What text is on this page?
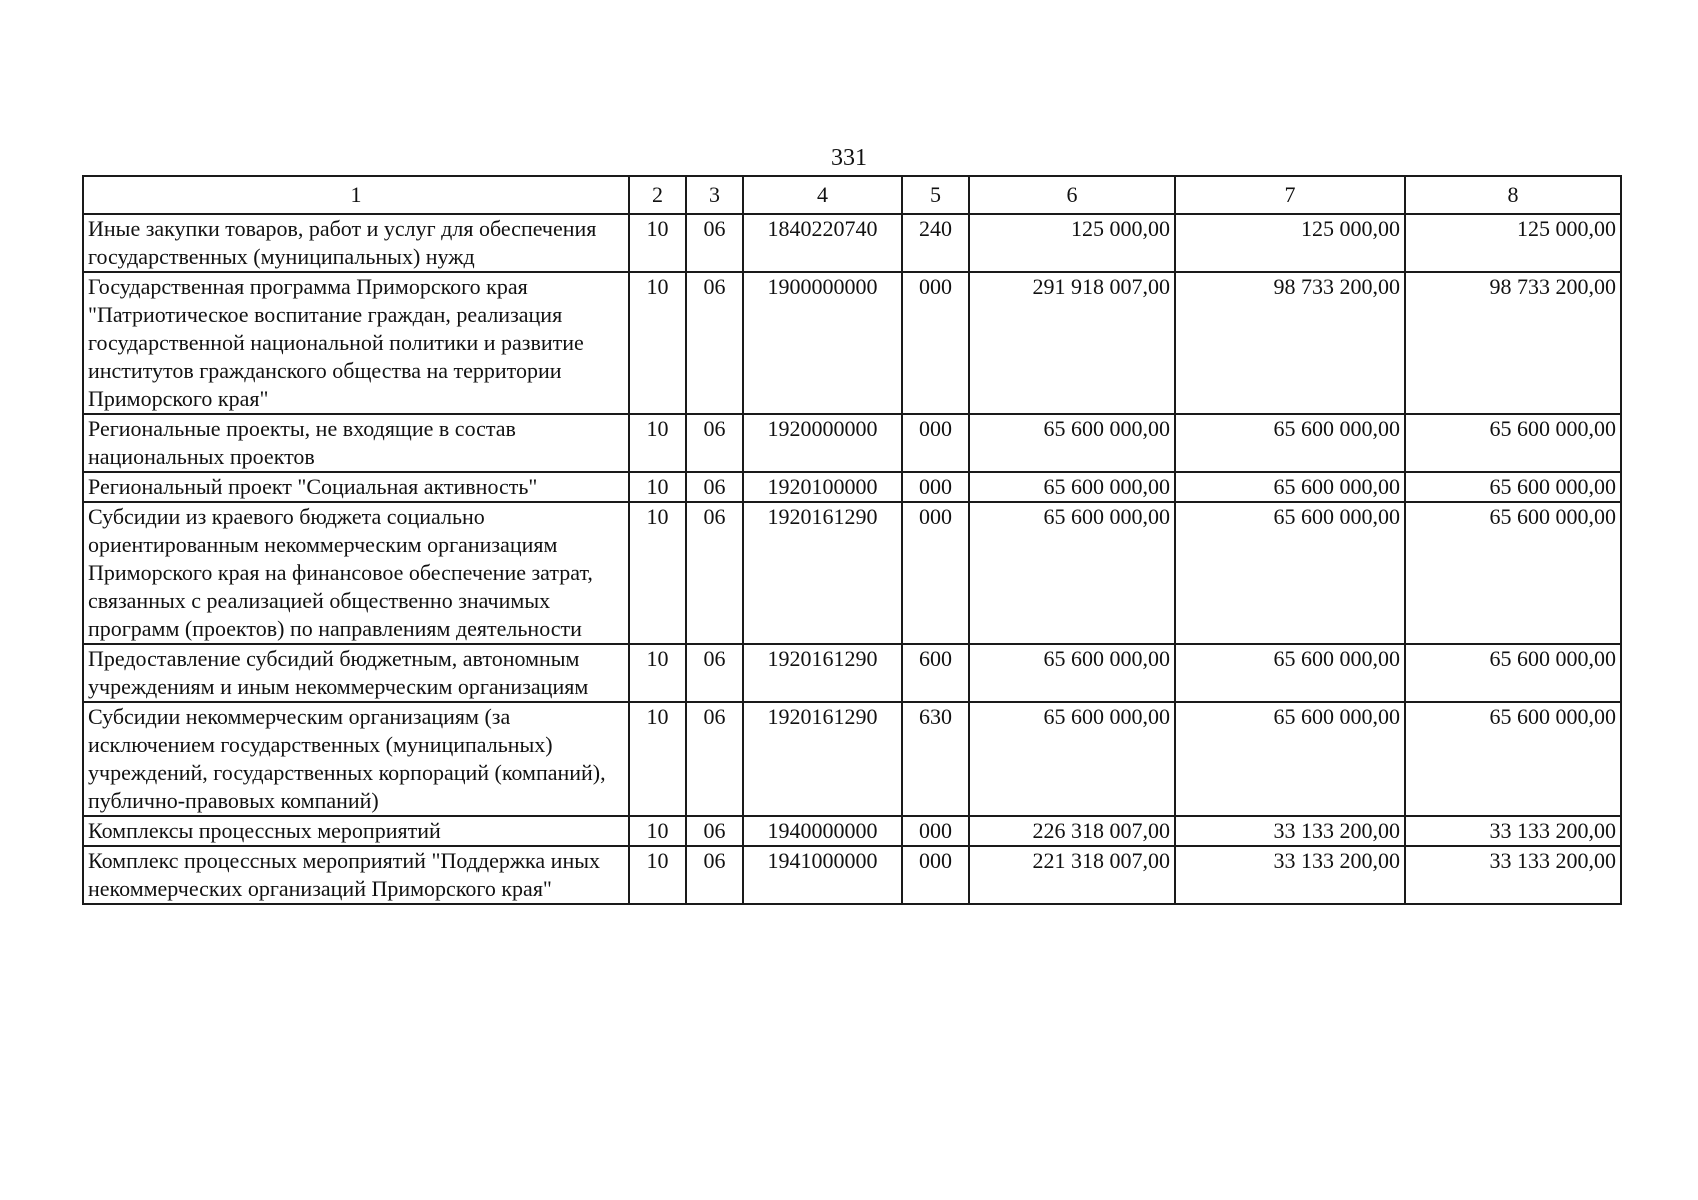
331
1	2	3	4	5	6	7	8
Иные закупки товаров, работ и услуг для обеспечения государственных (муниципальных) нужд	10	06	1840220740	240	125 000,00	125 000,00	125 000,00
Государственная программа Приморского края "Патриотическое воспитание граждан, реализация государственной национальной политики и развитие институтов гражданского общества на территории Приморского края"	10	06	1900000000	000	291 918 007,00	98 733 200,00	98 733 200,00
Региональные проекты, не входящие в состав национальных проектов	10	06	1920000000	000	65 600 000,00	65 600 000,00	65 600 000,00
Региональный проект "Социальная активность"	10	06	1920100000	000	65 600 000,00	65 600 000,00	65 600 000,00
Субсидии из краевого бюджета социально ориентированным некоммерческим организациям Приморского края на финансовое обеспечение затрат, связанных с реализацией общественно значимых программ (проектов) по направлениям деятельности	10	06	1920161290	000	65 600 000,00	65 600 000,00	65 600 000,00
Предоставление субсидий бюджетным, автономным учреждениям и иным некоммерческим организациям	10	06	1920161290	600	65 600 000,00	65 600 000,00	65 600 000,00
Субсидии некоммерческим организациям (за исключением государственных (муниципальных) учреждений, государственных корпораций (компаний), публично-правовых компаний)	10	06	1920161290	630	65 600 000,00	65 600 000,00	65 600 000,00
Комплексы процессных мероприятий	10	06	1940000000	000	226 318 007,00	33 133 200,00	33 133 200,00
Комплекс процессных мероприятий "Поддержка иных некоммерческих организаций Приморского края"	10	06	1941000000	000	221 318 007,00	33 133 200,00	33 133 200,00
